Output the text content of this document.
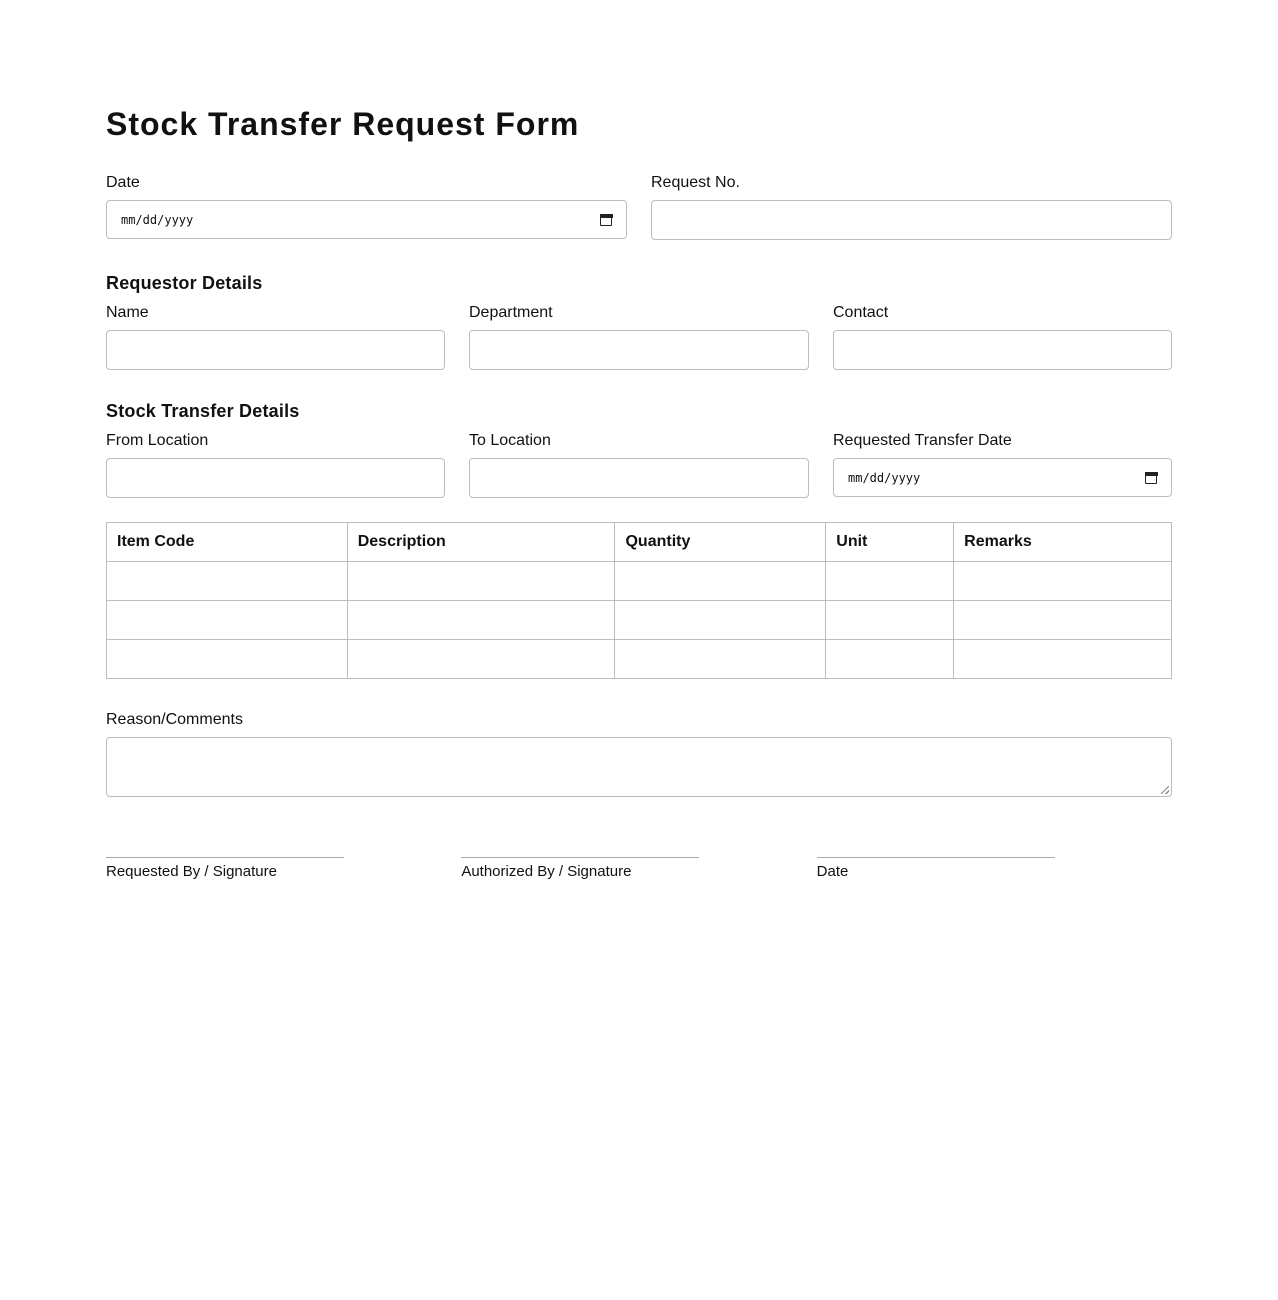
Stock Transfer Request Form
Date
mm/dd/yyyy
Request No.
Requestor Details
Name	Department	Contact
Stock Transfer Details
From Location	To Location	Requested Transfer Date
mm/dd/yyyy
Item Code	Description	Quantity	Unit	Remarks

Reason/Comments
Requested By / Signature	Authorized By / Signature	Date
